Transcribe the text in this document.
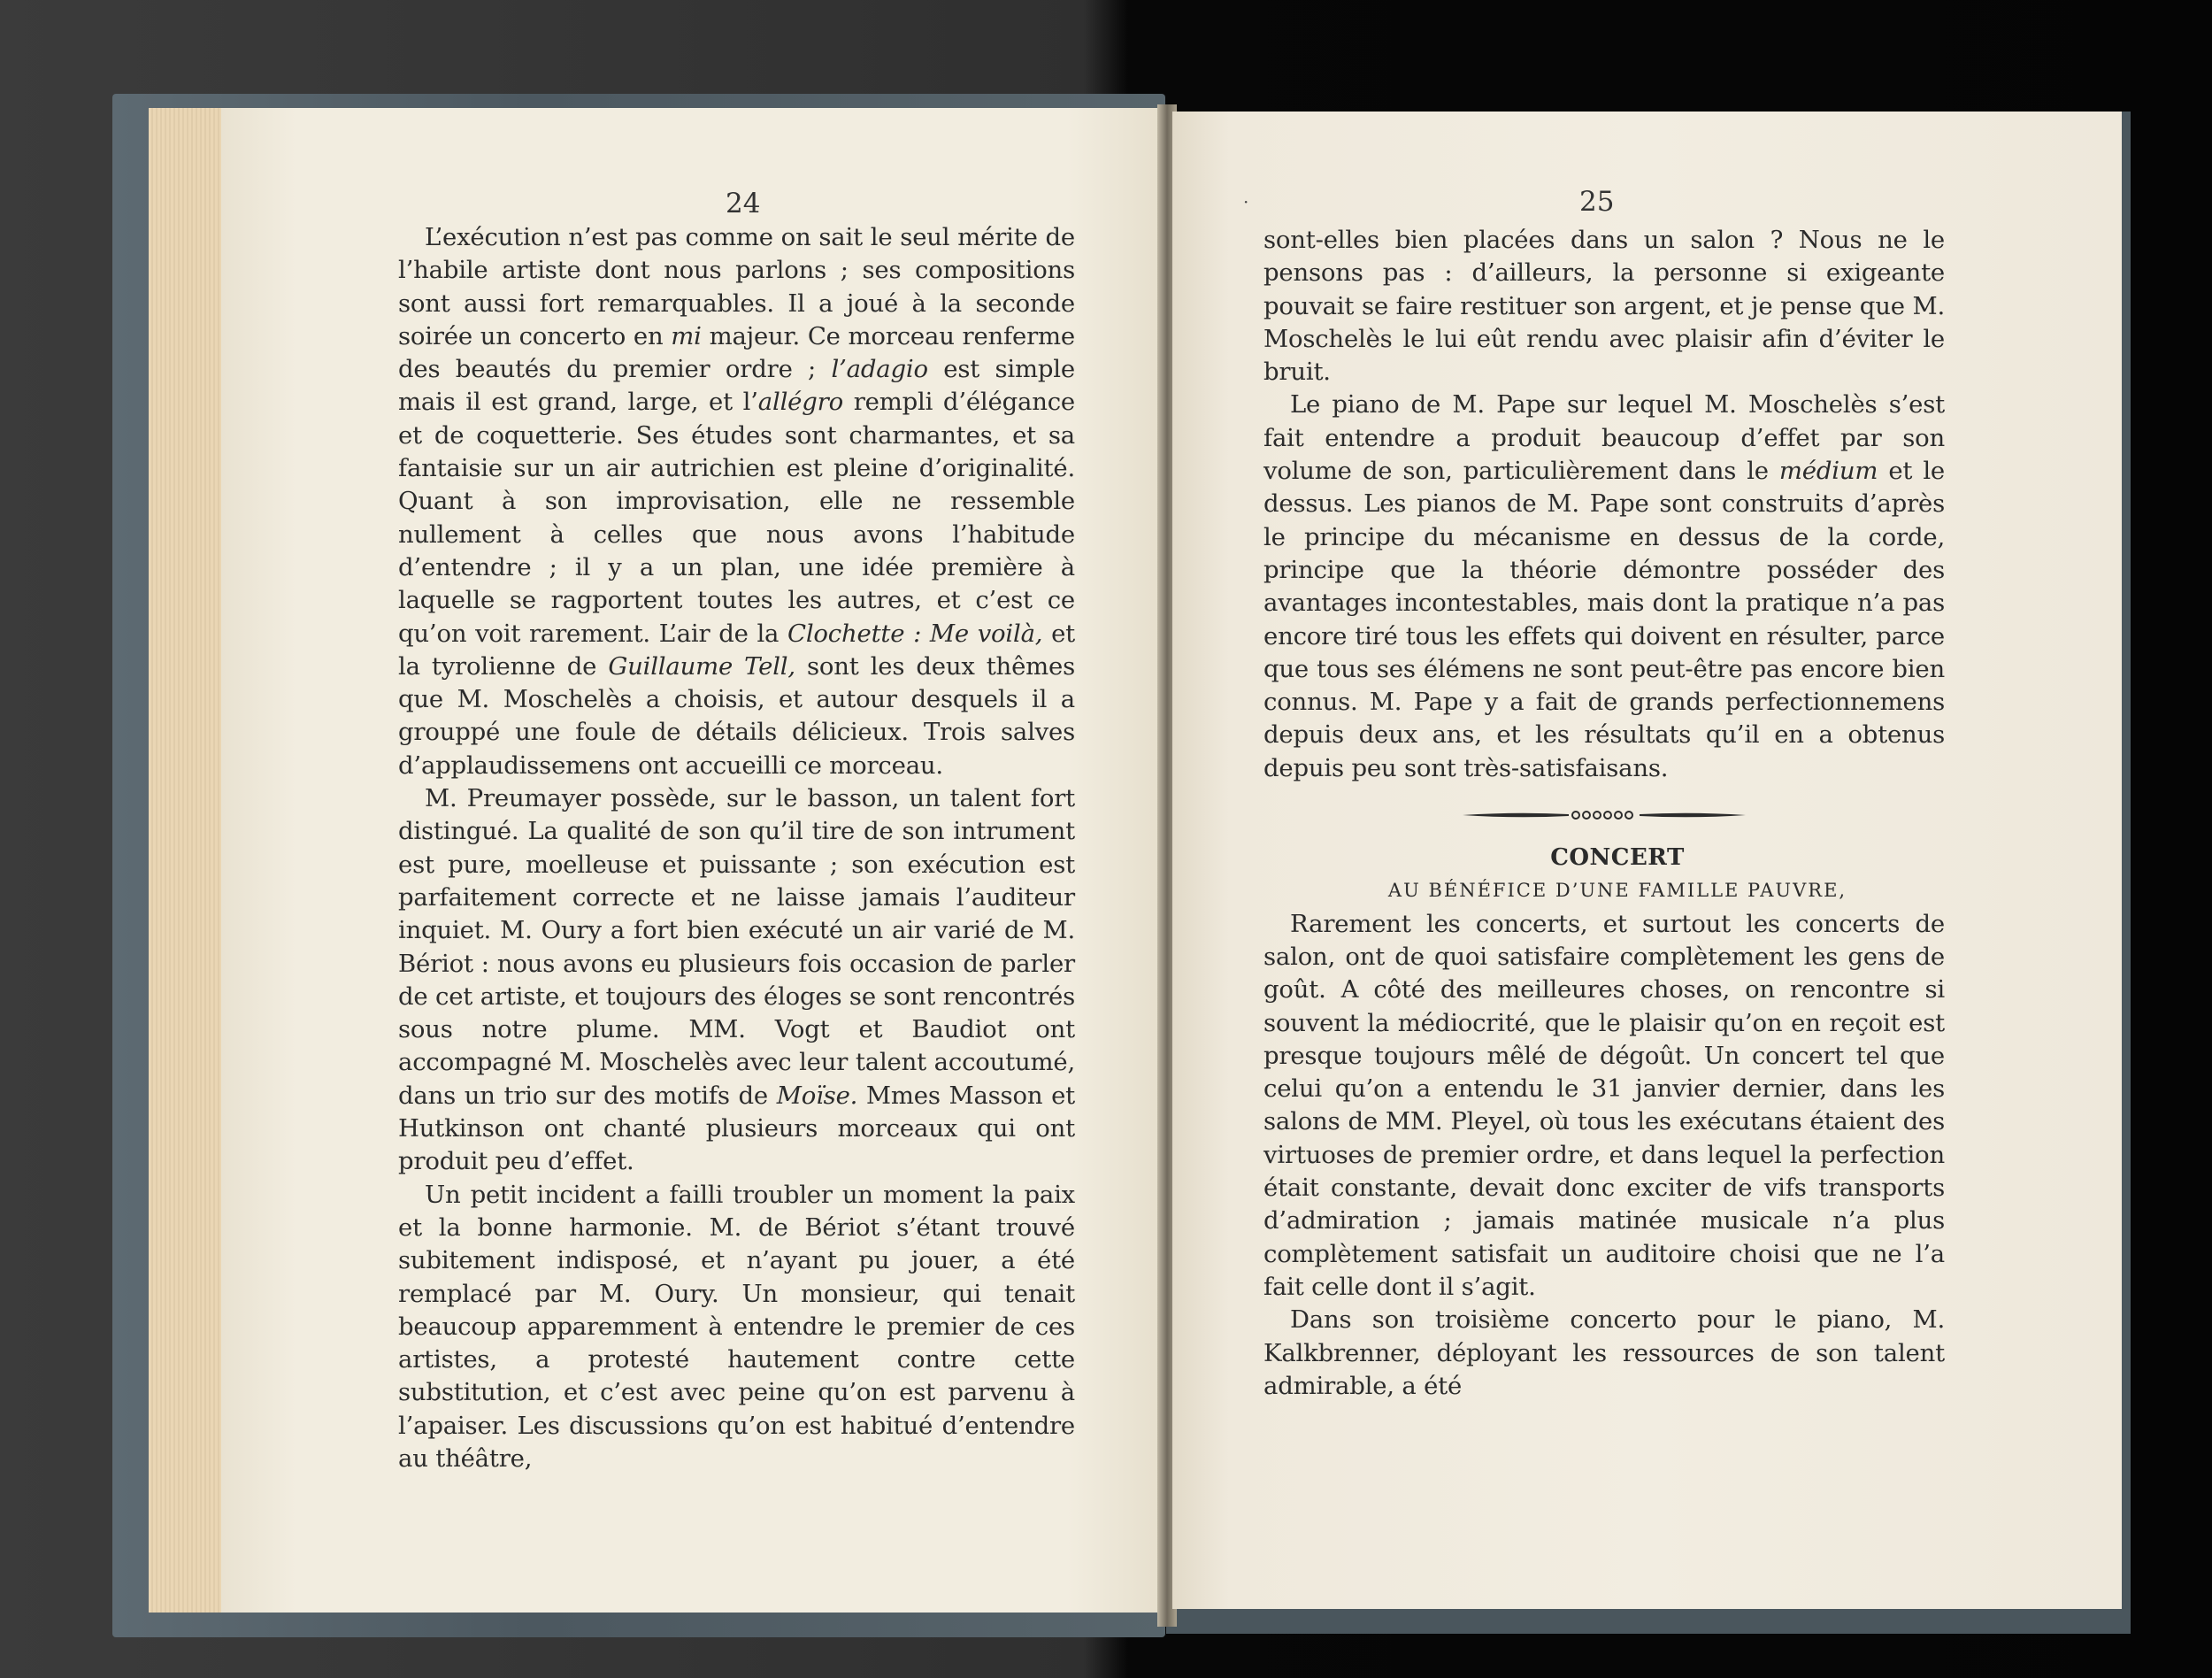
24

L’exécution n’est pas comme on sait le seul mérite de l’habile artiste dont nous parlons ; ses compositions sont aussi fort remarquables. Il a joué à la seconde soirée un concerto en mi majeur. Ce morceau renferme des beautés du premier ordre ; l’adagio est simple mais il est grand, large, et l’allégro rempli d’élégance et de coquetterie. Ses études sont charmantes, et sa fantaisie sur un air autrichien est pleine d’originalité. Quant à son improvisation, elle ne ressemble nullement à celles que nous avons l’habitude d’entendre ; il y a un plan, une idée première à laquelle se ragportent toutes les autres, et c’est ce qu’on voit rarement. L’air de la Clochette : Me voilà, et la tyrolienne de Guillaume Tell, sont les deux thêmes que M. Moschelès a choisis, et autour desquels il a grouppé une foule de détails délicieux. Trois salves d’applaudissemens ont accueilli ce morceau.

M. Preumayer possède, sur le basson, un talent fort distingué. La qualité de son qu’il tire de son intrument est pure, moelleuse et puissante ; son exécution est parfaitement correcte et ne laisse jamais l’auditeur inquiet. M. Oury a fort bien exécuté un air varié de M. Bériot : nous avons eu plusieurs fois occasion de parler de cet artiste, et toujours des éloges se sont rencontrés sous notre plume. MM. Vogt et Baudiot ont accompagné M. Moschelès avec leur talent accoutumé, dans un trio sur des motifs de Moïse. Mmes Masson et Hutkinson ont chanté plusieurs morceaux qui ont produit peu d’effet.

Un petit incident a failli troubler un moment la paix et la bonne harmonie. M. de Bériot s’étant trouvé subitement indisposé, et n’ayant pu jouer, a été remplacé par M. Oury. Un monsieur, qui tenait beaucoup apparemment à entendre le premier de ces artistes, a protesté hautement contre cette substitution, et c’est avec peine qu’on est parvenu à l’apaiser. Les discussions qu’on est habitué d’entendre au théâtre,

·	25

sont-elles bien placées dans un salon ? Nous ne le pensons pas : d’ailleurs, la personne si exigeante pouvait se faire restituer son argent, et je pense que M. Moschelès le lui eût rendu avec plaisir afin d’éviter le bruit.

Le piano de M. Pape sur lequel M. Moschelès s’est fait entendre a produit beaucoup d’effet par son volume de son, particulièrement dans le médium et le dessus. Les pianos de M. Pape sont construits d’après le principe du mécanisme en dessus de la corde, principe que la théorie démontre posséder des avantages incontestables, mais dont la pratique n’a pas encore tiré tous les effets qui doivent en résulter, parce que tous ses élémens ne sont peut-être pas encore bien connus. M. Pape y a fait de grands perfectionnemens depuis deux ans, et les résultats qu’il en a obtenus depuis peu sont très-satisfaisans.

CONCERT

AU BÉNÉFICE D’UNE FAMILLE PAUVRE,

Rarement les concerts, et surtout les concerts de salon, ont de quoi satisfaire complètement les gens de goût. A côté des meilleures choses, on rencontre si souvent la médiocrité, que le plaisir qu’on en reçoit est presque toujours mêlé de dégoût. Un concert tel que celui qu’on a entendu le 31 janvier dernier, dans les salons de MM. Pleyel, où tous les exécutans étaient des virtuoses de premier ordre, et dans lequel la perfection était constante, devait donc exciter de vifs transports d’admiration ; jamais matinée musicale n’a plus complètement satisfait un auditoire choisi que ne l’a fait celle dont il s’agit.

Dans son troisième concerto pour le piano, M. Kalkbrenner, déployant les ressources de son talent admirable, a été
